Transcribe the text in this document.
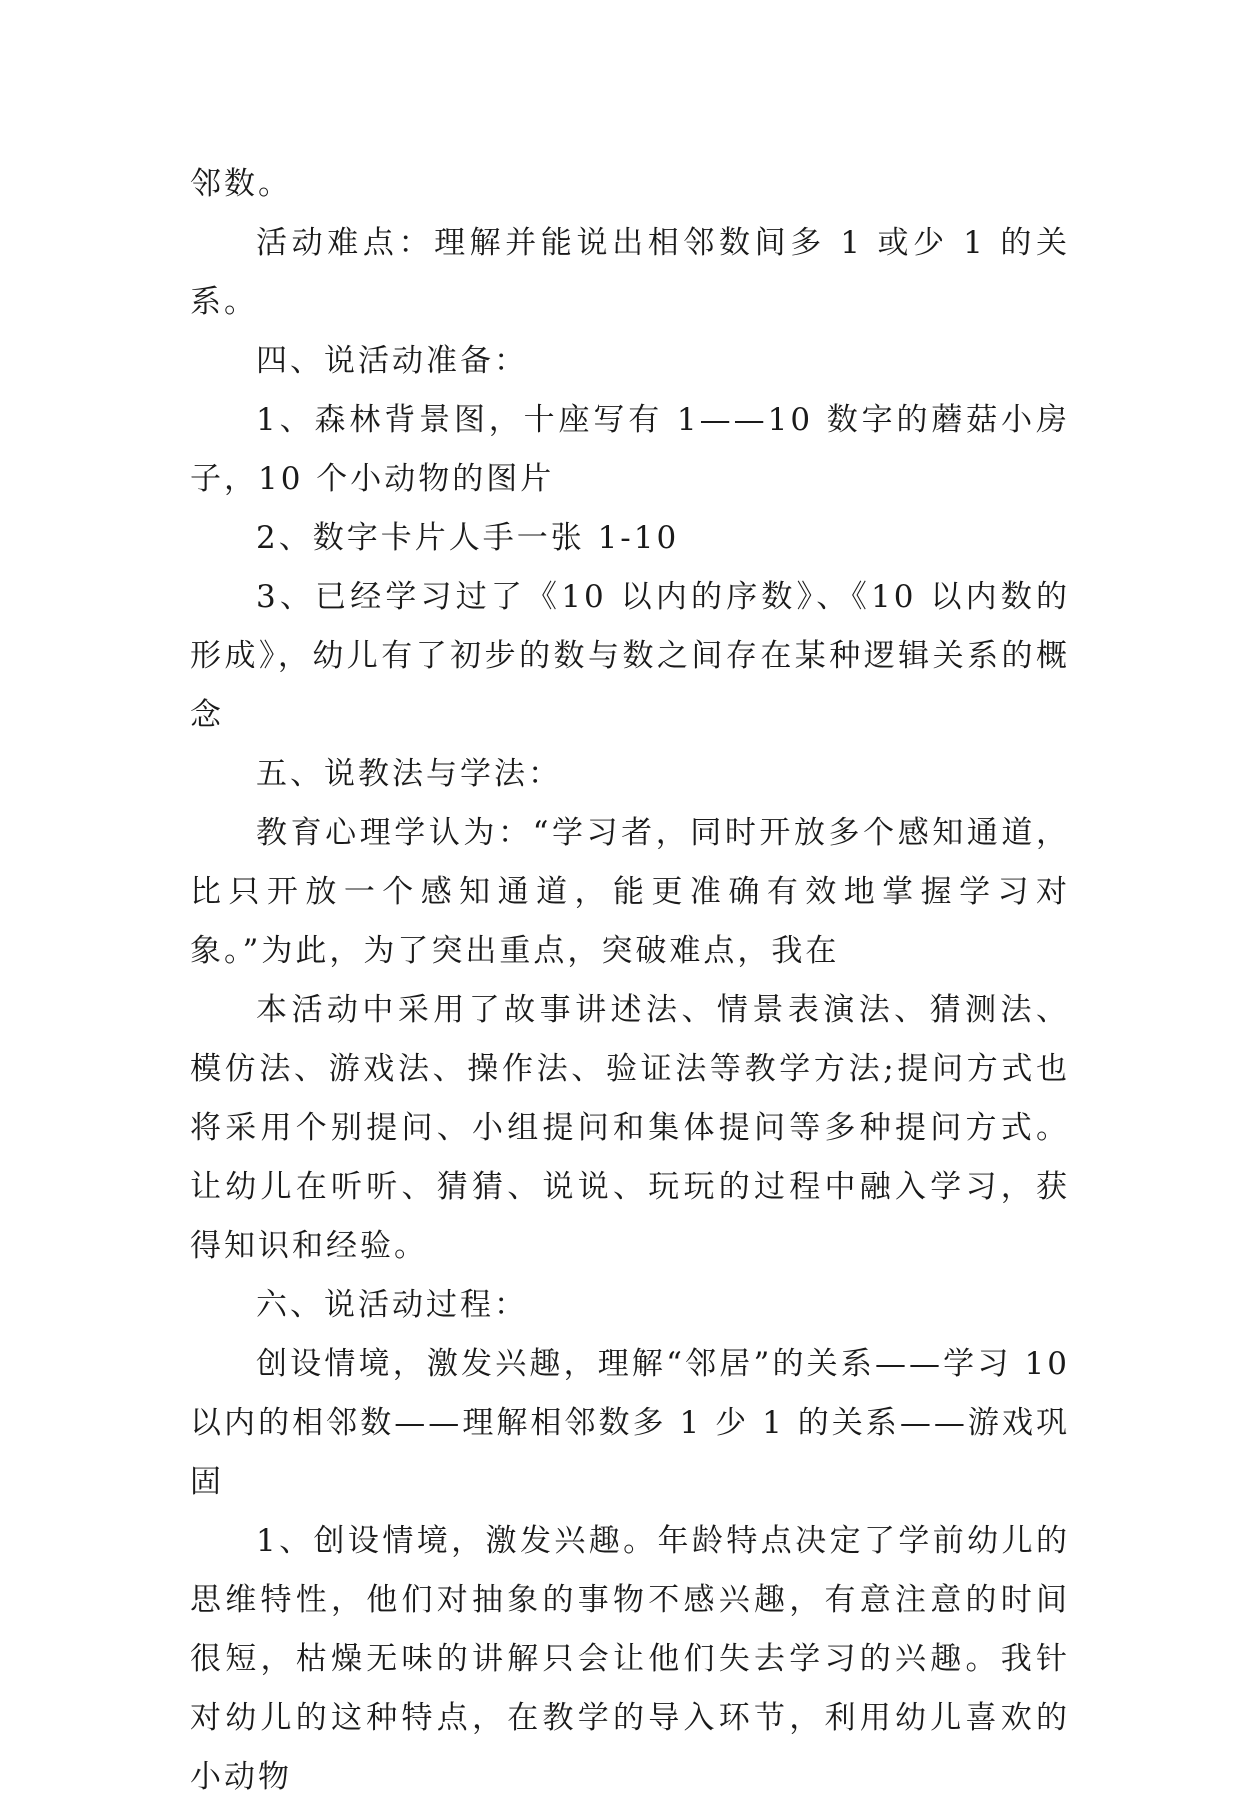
邻数。

活动难点：理解并能说出相邻数间多 1 或少 1 的关系。

四、说活动准备：

1、森林背景图，十座写有 1——10 数字的蘑菇小房子，10 个小动物的图片

2、数字卡片人手一张 1-10

3、已经学习过了《10 以内的序数》、《10 以内数的形成》，幼儿有了初步的数与数之间存在某种逻辑关系的概念

五、说教法与学法：

教育心理学认为：“学习者，同时开放多个感知通道，比只开放一个感知通道，能更准确有效地掌握学习对象。”为此，为了突出重点，突破难点，我在

本活动中采用了故事讲述法、情景表演法、猜测法、模仿法、游戏法、操作法、验证法等教学方法;提问方式也将采用个别提问、小组提问和集体提问等多种提问方式。让幼儿在听听、猜猜、说说、玩玩的过程中融入学习，获得知识和经验。

六、说活动过程：

创设情境，激发兴趣，理解“邻居”的关系——学习 10 以内的相邻数——理解相邻数多 1 少 1 的关系——游戏巩固

1、创设情境，激发兴趣。年龄特点决定了学前幼儿的思维特性，他们对抽象的事物不感兴趣，有意注意的时间很短，枯燥无味的讲解只会让他们失去学习的兴趣。我针对幼儿的这种特点，在教学的导入环节，利用幼儿喜欢的小动物
